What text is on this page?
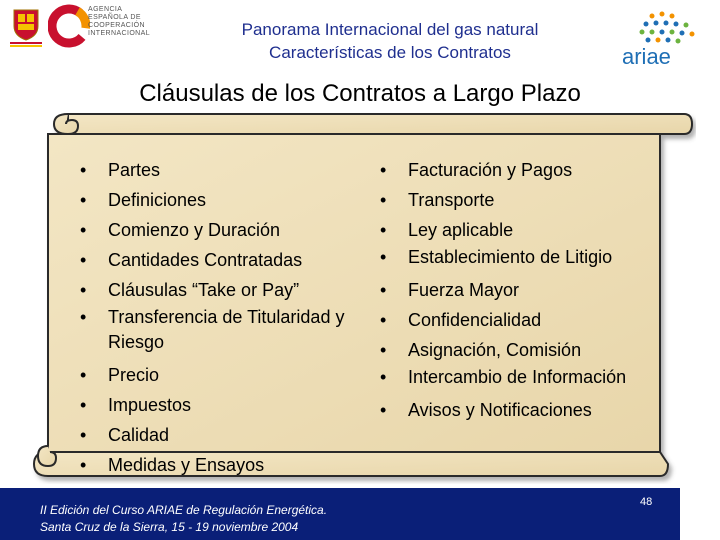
AGENCIA
ESPAÑOLA DE
COOPERACIÓN
INTERNACIONAL	Panorama Internacional del gas natural
Características de los Contratos	ariae
Cláusulas de los Contratos a Largo Plazo
• Partes
• Definiciones
• Comienzo y Duración
• Cantidades Contratadas
• Cláusulas “Take or Pay”
• Transferencia de Titularidad y Riesgo
• Precio
• Impuestos
• Calidad
• Medidas y Ensayos
• Facturación y Pagos
• Transporte
• Ley aplicable
• Establecimiento de Litigio
• Fuerza Mayor
• Confidencialidad
• Asignación, Comisión
• Intercambio de Información
• Avisos y Notificaciones
II Edición del Curso ARIAE de Regulación Energética.
Santa Cruz de la Sierra, 15 - 19 noviembre 2004
48
